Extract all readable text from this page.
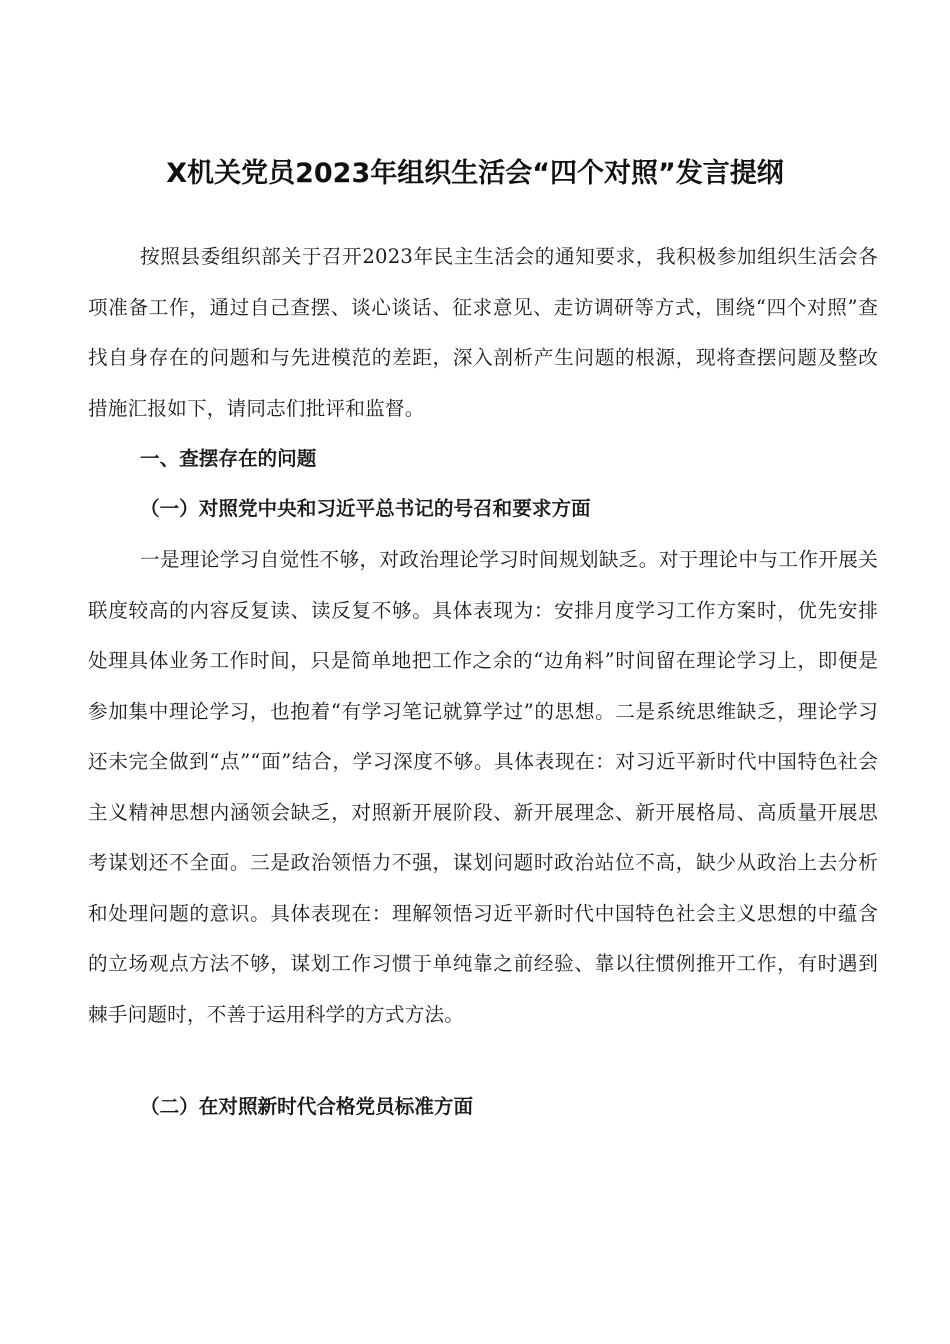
X机关党员2023年组织生活会“四个对照”发言提纲
按照县委组织部关于召开2023年民主生活会的通知要求，我积极参加组织生活会各项准备工作，通过自己查摆、谈心谈话、征求意见、走访调研等方式，围绕“四个对照”查找自身存在的问题和与先进模范的差距，深入剖析产生问题的根源，现将查摆问题及整改措施汇报如下，请同志们批评和监督。
一、查摆存在的问题
（一）对照党中央和习近平总书记的号召和要求方面
一是理论学习自觉性不够，对政治理论学习时间规划缺乏。对于理论中与工作开展关联度较高的内容反复读、读反复不够。具体表现为：安排月度学习工作方案时，优先安排处理具体业务工作时间，只是简单地把工作之余的“边角料”时间留在理论学习上，即便是参加集中理论学习，也抱着“有学习笔记就算学过”的思想。二是系统思维缺乏，理论学习还未完全做到“点”“面”结合，学习深度不够。具体表现在：对习近平新时代中国特色社会主义精神思想内涵领会缺乏，对照新开展阶段、新开展理念、新开展格局、高质量开展思考谋划还不全面。三是政治领悟力不强，谋划问题时政治站位不高，缺少从政治上去分析和处理问题的意识。具体表现在：理解领悟习近平新时代中国特色社会主义思想的中蕴含的立场观点方法不够，谋划工作习惯于单纯靠之前经验、靠以往惯例推开工作，有时遇到棘手问题时，不善于运用科学的方式方法。
（二）在对照新时代合格党员标准方面
